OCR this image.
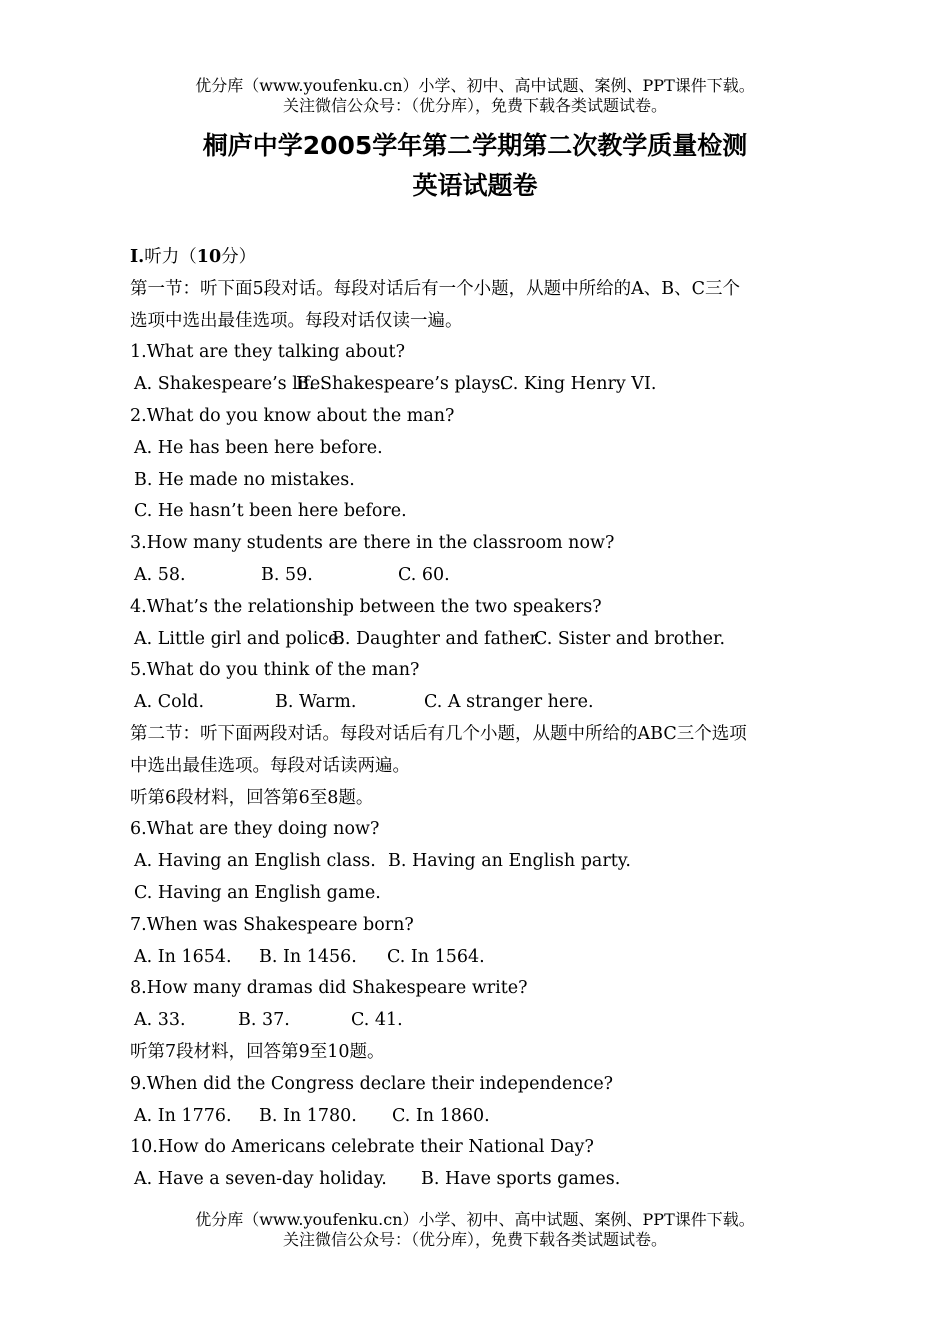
优分库（www.youfenku.cn）小学、初中、高中试题、案例、PPT课件下载。
关注微信公众号：（优分库），免费下载各类试题试卷。
桐庐中学2005学年第二学期第二次教学质量检测
英语试题卷
I.听力（10分）
第一节：听下面5段对话。每段对话后有一个小题，从题中所给的A、B、C三个
选项中选出最佳选项。每段对话仅读一遍。
1.What are they talking about?
A. Shakespeare’s life.B. Shakespeare’s plays.C. King Henry VI.
2.What do you know about the man?
A. He has been here before.
B. He made no mistakes.
C. He hasn’t been here before.
3.How many students are there in the classroom now?
A. 58.	B. 59.	C. 60.
4.What’s the relationship between the two speakers?
A. Little girl and police.B. Daughter and father.C. Sister and brother.
5.What do you think of the man?
A. Cold.	B. Warm.	C. A stranger here.
第二节：听下面两段对话。每段对话后有几个小题，从题中所给的ABC三个选项
中选出最佳选项。每段对话读两遍。
听第6段材料，回答第6至8题。
6.What are they doing now?
A. Having an English class. B. Having an English party.
C. Having an English game.
7.When was Shakespeare born?
A. In 1654. B. In 1456. C. In 1564.
8.How many dramas did Shakespeare write?
A. 33.	B. 37.	C. 41.
听第7段材料，回答第9至10题。
9.When did the Congress declare their independence?
A. In 1776. B. In 1780. C. In 1860.
10.How do Americans celebrate their National Day?
A. Have a seven-day holiday. B. Have sports games.
优分库（www.youfenku.cn）小学、初中、高中试题、案例、PPT课件下载。
关注微信公众号：（优分库），免费下载各类试题试卷。
